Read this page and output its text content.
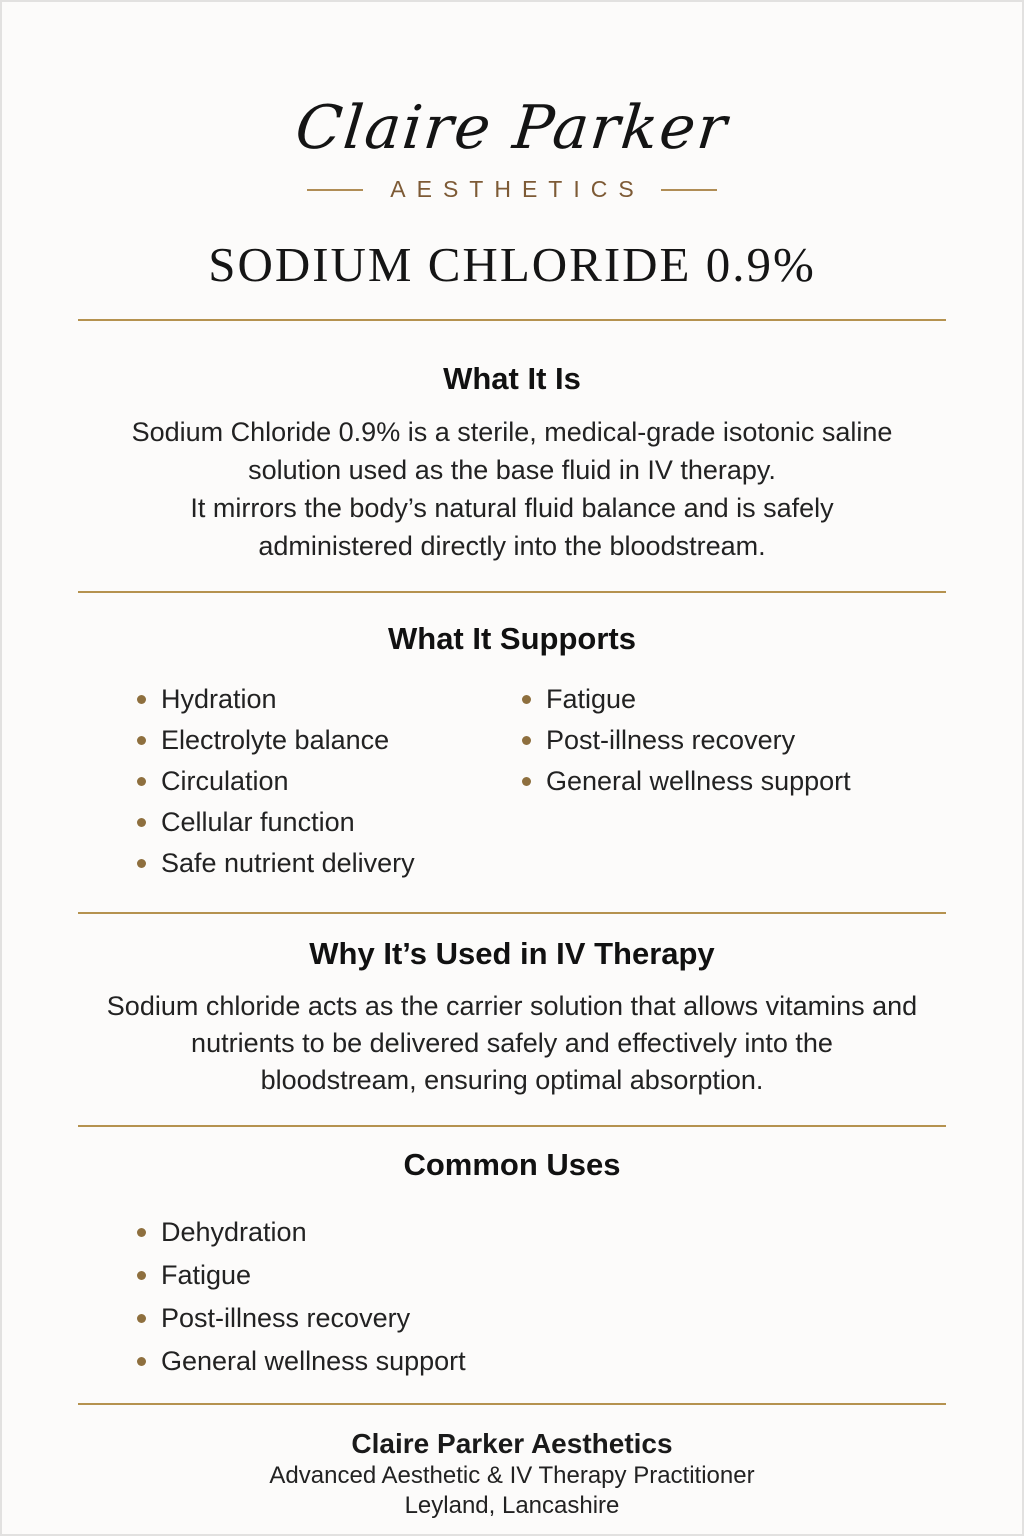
Claire Parker
AESTHETICS
SODIUM CHLORIDE 0.9%
What It Is
Sodium Chloride 0.9% is a sterile, medical-grade isotonic saline
solution used as the base fluid in IV therapy.
It mirrors the body’s natural fluid balance and is safely
administered directly into the bloodstream.
What It Supports
Hydration
Electrolyte balance
Circulation
Cellular function
Safe nutrient delivery
Fatigue
Post-illness recovery
General wellness support
Why It’s Used in IV Therapy
Sodium chloride acts as the carrier solution that allows vitamins and
nutrients to be delivered safely and effectively into the
bloodstream, ensuring optimal absorption.
Common Uses
Dehydration
Fatigue
Post-illness recovery
General wellness support
Claire Parker Aesthetics
Advanced Aesthetic & IV Therapy Practitioner
Leyland, Lancashire
